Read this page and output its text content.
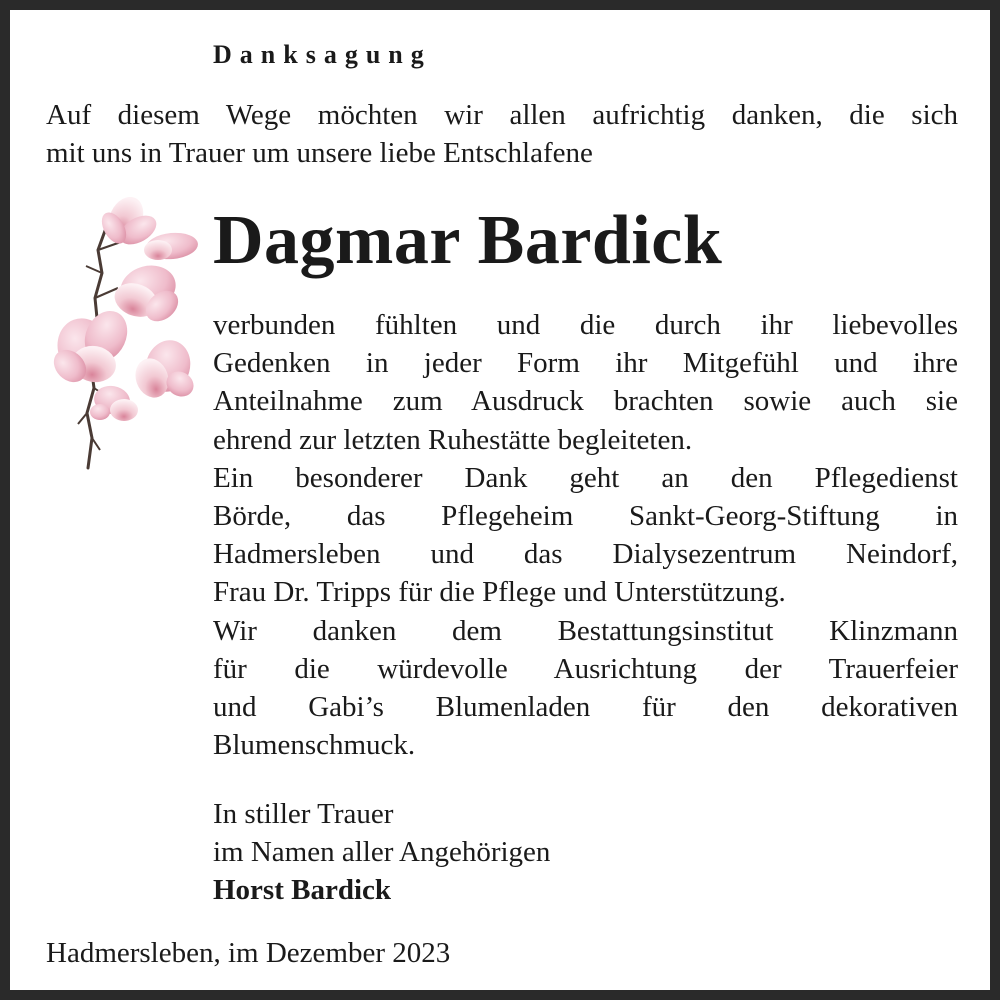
Danksagung
Auf diesem Wege möchten wir allen aufrichtig danken, die sich
mit uns in Trauer um unsere liebe Entschlafene
Dagmar Bardick
verbunden fühlten und die durch ihr liebevolles
Gedenken in jeder Form ihr Mitgefühl und ihre
Anteilnahme zum Ausdruck brachten sowie auch sie
ehrend zur letzten Ruhestätte begleiteten.
Ein besonderer Dank geht an den Pflegedienst
Börde, das Pflegeheim Sankt-Georg-Stiftung in
Hadmersleben und das Dialysezentrum Neindorf,
Frau Dr. Tripps für die Pflege und Unterstützung.
Wir danken dem Bestattungsinstitut Klinzmann
für die würdevolle Ausrichtung der Trauerfeier
und Gabi’s Blumenladen für den dekorativen
Blumenschmuck.
In stiller Trauer
im Namen aller Angehörigen
Horst Bardick
Hadmersleben, im Dezember 2023
